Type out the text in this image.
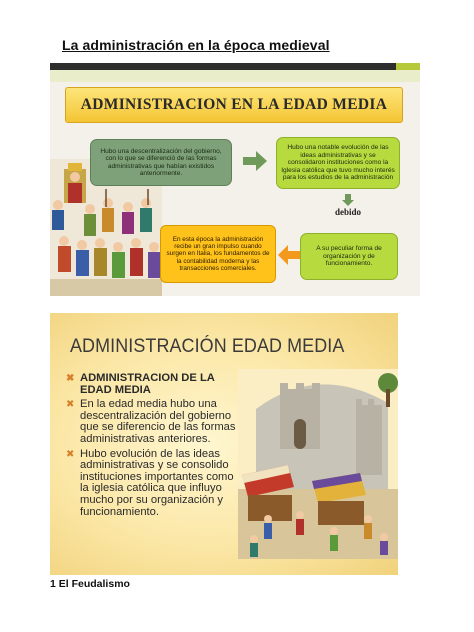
La administración en la época medieval
ADMINISTRACION EN LA EDAD MEDIA
Hubo una descentralización del gobierno, con lo que se diferenció de las formas administrativas que habían existidos anteriormente.
Hubo una notable evolución de las ideas administrativas y se consolidaron instituciones como la Iglesia católica que tuvo mucho interés para los estudios de la administración
debido
A su peculiar forma de organización y de funcionamiento.
En esta época la administración recibe un gran impulso cuando surgen en Italia, los fundamentos de la contabilidad moderna y las transacciones comerciales.
ADMINISTRACIÓN EDAD MEDIA
✖ ADMINISTRACION DE LA EDAD MEDIA
✖ En la edad media hubo una descentralización del gobierno que se diferencio de las formas administrativas anteriores.
✖ Hubo evolución de las ideas administrativas y se consolido instituciones importantes como la iglesia católica que influyo mucho por su organización y funcionamiento.
1 El Feudalismo
